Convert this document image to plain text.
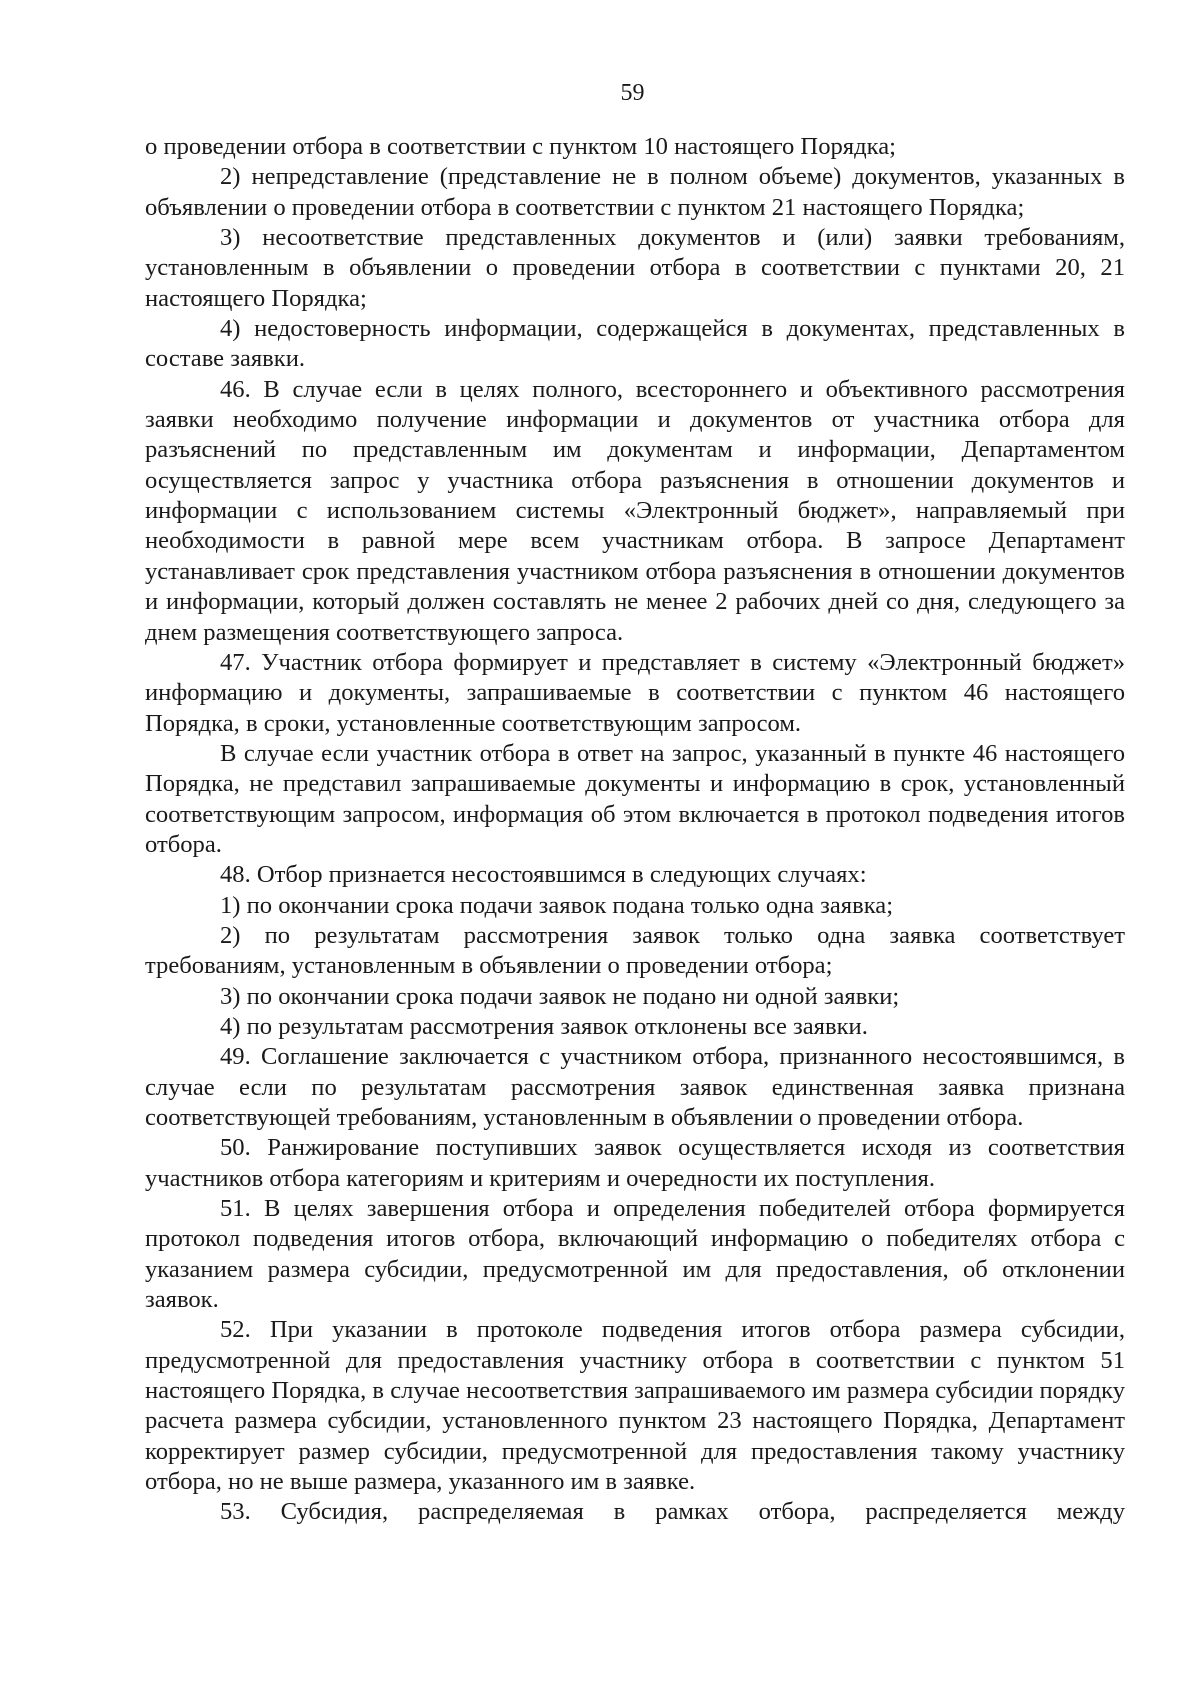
59

о проведении отбора в соответствии с пунктом 10 настоящего Порядка;

2) непредставление (представление не в полном объеме) документов, указанных в объявлении о проведении отбора в соответствии с пунктом 21 настоящего Порядка;

3) несоответствие представленных документов и (или) заявки требованиям, установленным в объявлении о проведении отбора в соответствии с пунктами 20, 21 настоящего Порядка;

4) недостоверность информации, содержащейся в документах, представленных в составе заявки.

46. В случае если в целях полного, всестороннего и объективного рассмотрения заявки необходимо получение информации и документов от участника отбора для разъяснений по представленным им документам и информации, Департаментом осуществляется запрос у участника отбора разъяснения в отношении документов и информации с использованием системы «Электронный бюджет», направляемый при необходимости в равной мере всем участникам отбора. В запросе Департамент устанавливает срок представления участником отбора разъяснения в отношении документов и информации, который должен составлять не менее 2 рабочих дней со дня, следующего за днем размещения соответствующего запроса.

47. Участник отбора формирует и представляет в систему «Электронный бюджет» информацию и документы, запрашиваемые в соответствии с пунктом 46 настоящего Порядка, в сроки, установленные соответствующим запросом.

В случае если участник отбора в ответ на запрос, указанный в пункте 46 настоящего Порядка, не представил запрашиваемые документы и информацию в срок, установленный соответствующим запросом, информация об этом включается в протокол подведения итогов отбора.

48. Отбор признается несостоявшимся в следующих случаях:

1) по окончании срока подачи заявок подана только одна заявка;

2) по результатам рассмотрения заявок только одна заявка соответствует требованиям, установленным в объявлении о проведении отбора;

3) по окончании срока подачи заявок не подано ни одной заявки;

4) по результатам рассмотрения заявок отклонены все заявки.

49. Соглашение заключается с участником отбора, признанного несостоявшимся, в случае если по результатам рассмотрения заявок единственная заявка признана соответствующей требованиям, установленным в объявлении о проведении отбора.

50. Ранжирование поступивших заявок осуществляется исходя из соответствия участников отбора категориям и критериям и очередности их поступления.

51. В целях завершения отбора и определения победителей отбора формируется протокол подведения итогов отбора, включающий информацию о победителях отбора с указанием размера субсидии, предусмотренной им для предоставления, об отклонении заявок.

52. При указании в протоколе подведения итогов отбора размера субсидии, предусмотренной для предоставления участнику отбора в соответствии с пунктом 51 настоящего Порядка, в случае несоответствия запрашиваемого им размера субсидии порядку расчета размера субсидии, установленного пунктом 23 настоящего Порядка, Департамент корректирует размер субсидии, предусмотренной для предоставления такому участнику отбора, но не выше размера, указанного им в заявке.

53. Субсидия, распределяемая в рамках отбора, распределяется между
